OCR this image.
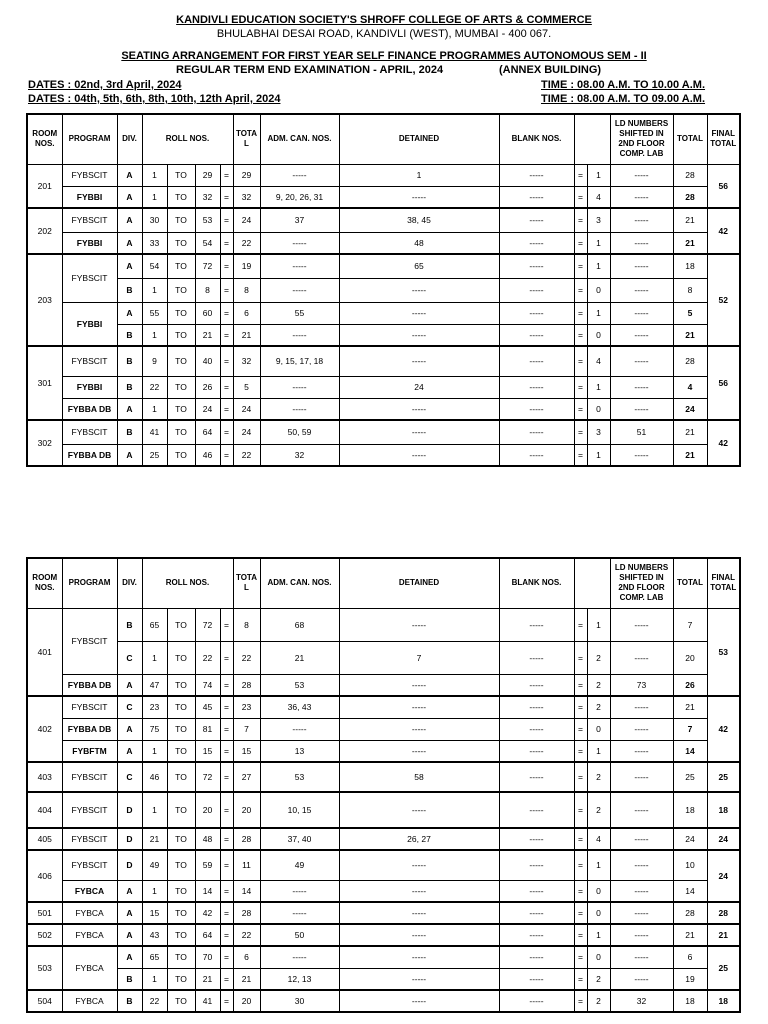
KANDIVLI EDUCATION SOCIETY'S SHROFF COLLEGE OF ARTS & COMMERCE
BHULABHAI DESAI ROAD, KANDIVLI (WEST), MUMBAI - 400 067.
SEATING ARRANGEMENT FOR FIRST YEAR SELF FINANCE PROGRAMMES AUTONOMOUS SEM - II
REGULAR TERM END EXAMINATION - APRIL, 2024	(ANNEX BUILDING)
DATES : 02nd, 3rd April, 2024	TIME : 08.00 A.M. TO 10.00 A.M.
DATES : 04th, 5th, 6th, 8th, 10th, 12th April, 2024	TIME : 08.00 A.M. TO 09.00 A.M.
ROOM NOS.	PROGRAM	DIV.	ROLL NOS.				TOTA L	ADM. CAN. NOS.	DETAINED	BLANK NOS.			LD NUMBERS SHIFTED IN 2ND FLOOR COMP. LAB	TOTAL	FINAL TOTAL
201	FYBSCIT	A	1	TO	29	=	29	-----	1	-----	=	1	-----	28	56
	FYBBI	A	1	TO	32	=	32	9, 20, 26, 31	-----	-----	=	4	-----	28	
202	FYBSCIT	A	30	TO	53	=	24	37	38, 45	-----	=	3	-----	21	42
	FYBBI	A	33	TO	54	=	22	-----	48	-----	=	1	-----	21	
203	FYBSCIT	A	54	TO	72	=	19	-----	65	-----	=	1	-----	18	52
		B	1	TO	8	=	8	-----	-----	-----	=	0	-----	8	
	FYBBI	A	55	TO	60	=	6	55	-----	-----	=	1	-----	5	
		B	1	TO	21	=	21	-----	-----	-----	=	0	-----	21	
301	FYBSCIT	B	9	TO	40	=	32	9, 15, 17, 18	-----	-----	=	4	-----	28	56
	FYBBI	B	22	TO	26	=	5	-----	24	-----	=	1	-----	4	
	FYBBA DB	A	1	TO	24	=	24	-----	-----	-----	=	0	-----	24	
302	FYBSCIT	B	41	TO	64	=	24	50, 59	-----	-----	=	3	51	21	42
	FYBBA DB	A	25	TO	46	=	22	32	-----	-----	=	1	-----	21	
ROOM NOS.	PROGRAM	DIV.	ROLL NOS.				TOTA L	ADM. CAN. NOS.	DETAINED	BLANK NOS.			LD NUMBERS SHIFTED IN 2ND FLOOR COMP. LAB	TOTAL	FINAL TOTAL
401	FYBSCIT	B	65	TO	72	=	8	68	-----	-----	=	1	-----	7	53
		C	1	TO	22	=	22	21	7	-----	=	2	-----	20	
	FYBBA DB	A	47	TO	74	=	28	53	-----	-----	=	2	73	26	
402	FYBSCIT	C	23	TO	45	=	23	36, 43	-----	-----	=	2	-----	21	42
	FYBBA DB	A	75	TO	81	=	7	-----	-----	-----	=	0	-----	7	
	FYBFTM	A	1	TO	15	=	15	13	-----	-----	=	1	-----	14	
403	FYBSCIT	C	46	TO	72	=	27	53	58	-----	=	2	-----	25	25
404	FYBSCIT	D	1	TO	20	=	20	10, 15	-----	-----	=	2	-----	18	18
405	FYBSCIT	D	21	TO	48	=	28	37, 40	26, 27	-----	=	4	-----	24	24
406	FYBSCIT	D	49	TO	59	=	11	49	-----	-----	=	1	-----	10	24
	FYBCA	A	1	TO	14	=	14	-----	-----	-----	=	0	-----	14	
501	FYBCA	A	15	TO	42	=	28	-----	-----	-----	=	0	-----	28	28
502	FYBCA	A	43	TO	64	=	22	50	-----	-----	=	1	-----	21	21
503	FYBCA	A	65	TO	70	=	6	-----	-----	-----	=	0	-----	6	25
		B	1	TO	21	=	21	12, 13	-----	-----	=	2	-----	19	
504	FYBCA	B	22	TO	41	=	20	30	-----	-----	=	2	32	18	18
